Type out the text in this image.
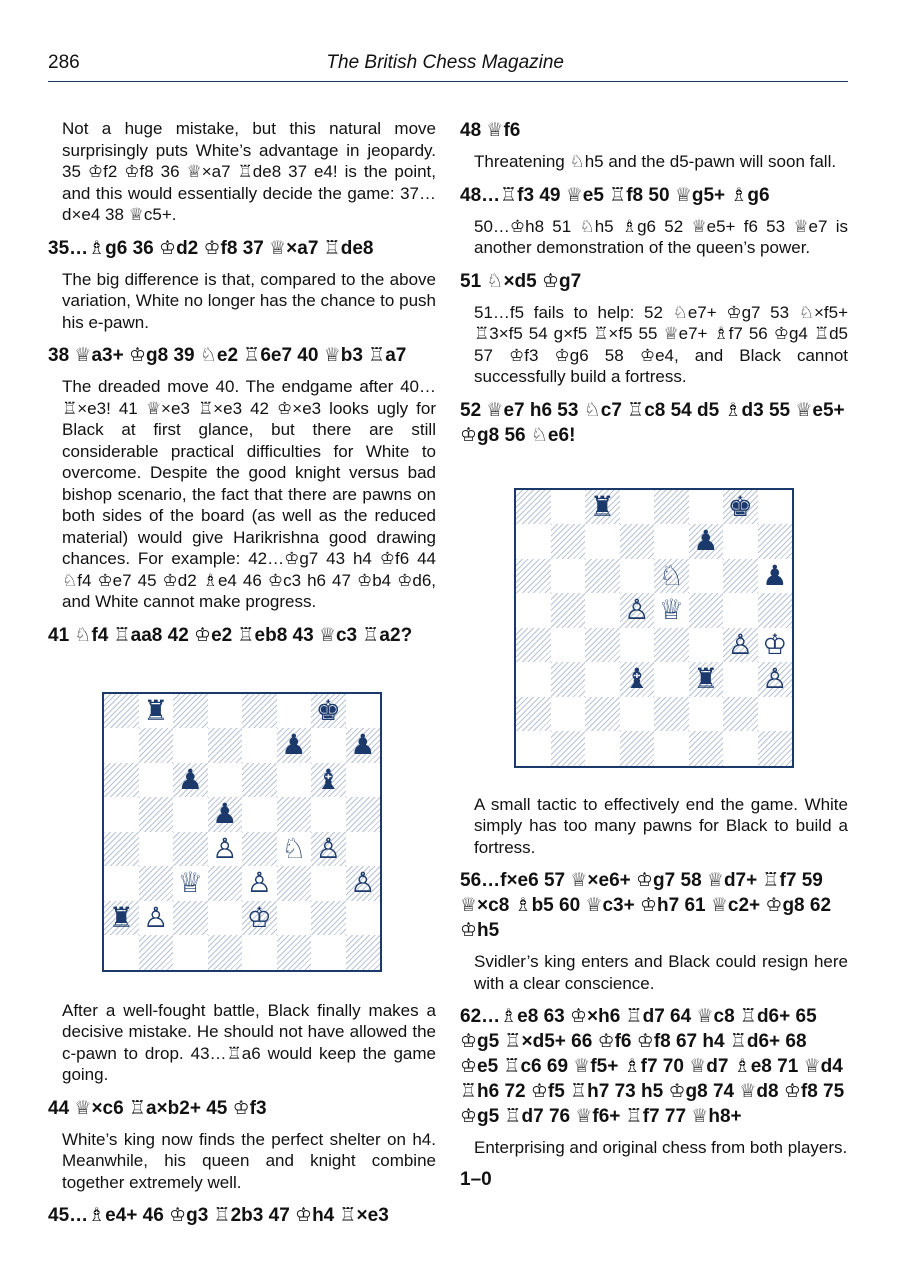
286	The British Chess Magazine
Not a huge mistake, but this natural move surprisingly puts White’s advantage in jeopardy. 35 ♔f2 ♔f8 36 ♕×a7 ♖de8 37 e4! is the point, and this would essentially decide the game: 37…d×e4 38 ♕c5+.
35…♗g6 36 ♔d2 ♔f8 37 ♕×a7 ♖de8
The big difference is that, compared to the above variation, White no longer has the chance to push his e-pawn.
38 ♕a3+ ♔g8 39 ♘e2 ♖6e7 40 ♕b3 ♖a7
The dreaded move 40. The endgame after 40…♖×e3! 41 ♕×e3 ♖×e3 42 ♔×e3 looks ugly for Black at first glance, but there are still considerable practical difficulties for White to overcome. Despite the good knight versus bad bishop scenario, the fact that there are pawns on both sides of the board (as well as the reduced material) would give Harikrishna good drawing chances. For example: 42…♔g7 43 h4 ♔f6 44 ♘f4 ♔e7 45 ♔d2 ♗e4 46 ♔c3 h6 47 ♔b4 ♔d6, and White cannot make progress.
41 ♘f4 ♖aa8 42 ♔e2 ♖eb8 43 ♕c3 ♖a2?
♜	♚
♟ ♟
♟	♝
♟
♙ ♘ ♙
♕ ♙	♙
♜ ♙	♔
After a well-fought battle, Black finally makes a decisive mistake. He should not have allowed the c-pawn to drop. 43…♖a6 would keep the game going.
44 ♕×c6 ♖a×b2+ 45 ♔f3
White’s king now finds the perfect shelter on h4. Meanwhile, his queen and knight combine together extremely well.
45…♗e4+ 46 ♔g3 ♖2b3 47 ♔h4 ♖×e3
48 ♕f6
Threatening ♘h5 and the d5-pawn will soon fall.
48…♖f3 49 ♕e5 ♖f8 50 ♕g5+ ♗g6
50…♔h8 51 ♘h5 ♗g6 52 ♕e5+ f6 53 ♕e7 is another demonstration of the queen’s power.
51 ♘×d5 ♔g7
51…f5 fails to help: 52 ♘e7+ ♔g7 53 ♘×f5+ ♖3×f5 54 g×f5 ♖×f5 55 ♕e7+ ♗f7 56 ♔g4 ♖d5 57 ♔f3 ♔g6 58 ♔e4, and Black cannot successfully build a fortress.
52 ♕e7 h6 53 ♘c7 ♖c8 54 d5 ♗d3 55 ♕e5+ ♔g8 56 ♘e6!
♜	♚
♟
♘	♟
♙ ♕
♙ ♔
♝ ♜ ♙
A small tactic to effectively end the game. White simply has too many pawns for Black to build a fortress.
56…f×e6 57 ♕×e6+ ♔g7 58 ♕d7+ ♖f7 59 ♕×c8 ♗b5 60 ♕c3+ ♔h7 61 ♕c2+ ♔g8 62 ♔h5
Svidler’s king enters and Black could resign here with a clear conscience.
62…♗e8 63 ♔×h6 ♖d7 64 ♕c8 ♖d6+ 65 ♔g5 ♖×d5+ 66 ♔f6 ♔f8 67 h4 ♖d6+ 68 ♔e5 ♖c6 69 ♕f5+ ♗f7 70 ♕d7 ♗e8 71 ♕d4 ♖h6 72 ♔f5 ♖h7 73 h5 ♔g8 74 ♕d8 ♔f8 75 ♔g5 ♖d7 76 ♕f6+ ♖f7 77 ♕h8+
Enterprising and original chess from both players.
1–0
